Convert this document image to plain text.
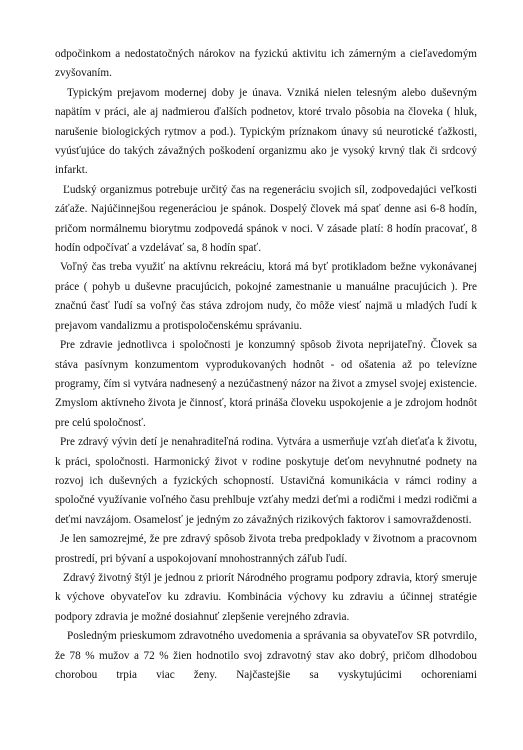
odpočinkom a nedostatočných nárokov na fyzickú aktivitu ich zámerným a cieľavedomým zvyšovaním.

Typickým prejavom modernej doby je únava. Vzniká nielen telesným alebo duševným napätím v práci, ale aj nadmierou ďalších podnetov, ktoré trvalo pôsobia na človeka ( hluk, narušenie biologických rytmov a pod.). Typickým príznakom únavy sú neurotické ťažkosti, vyúsťujúce do takých závažných poškodení organizmu ako je vysoký krvný tlak či srdcový infarkt.

Ľudský organizmus potrebuje určitý čas na regeneráciu svojich síl, zodpovedajúci veľkosti záťaže. Najúčinnejšou regeneráciou je spánok. Dospelý človek má spať denne asi 6-8 hodín, pričom normálnemu biorytmu zodpovedá spánok v noci. V zásade platí: 8 hodín pracovať, 8 hodín odpočívať a vzdelávať sa, 8 hodín spať.

Voľný čas treba využiť na aktívnu rekreáciu, ktorá má byť protikladom bežne vykonávanej práce ( pohyb u duševne pracujúcich, pokojné zamestnanie u manuálne pracujúcich ). Pre značnú časť ľudí sa voľný čas stáva zdrojom nudy, čo môže viesť najmä u mladých ľudí k prejavom vandalizmu a protispoločenskému správaniu.

Pre zdravie jednotlivca i spoločnosti je konzumný spôsob života neprijateľný. Človek sa stáva pasívnym konzumentom vyprodukovaných hodnôt - od ošatenia až po televízne programy, čím si vytvára nadnesený a nezúčastnený názor na život a zmysel svojej existencie. Zmyslom aktívneho života je činnosť, ktorá prináša človeku uspokojenie a je zdrojom hodnôt pre celú spoločnosť.

Pre zdravý vývin detí je nenahraditeľná rodina. Vytvára a usmerňuje vzťah dieťaťa k životu, k práci, spoločnosti. Harmonický život v rodine poskytuje deťom nevyhnutné podnety na rozvoj ich duševných a fyzických schopností. Ustavičná komunikácia v rámci rodiny a spoločné využívanie voľného času prehlbuje vzťahy medzi deťmi a rodičmi i medzi rodičmi a deťmi navzájom. Osamelosť je jedným zo závažných rizikových faktorov i samovraždenosti.

Je len samozrejmé, že pre zdravý spôsob života treba predpoklady v životnom a pracovnom prostredí, pri bývaní a uspokojovaní mnohostranných záľub ľudí.

Zdravý životný štýl je jednou z priorít Národného programu podpory zdravia, ktorý smeruje k výchove obyvateľov ku zdraviu. Kombinácia výchovy ku zdraviu a účinnej stratégie podpory zdravia je možné dosiahnuť zlepšenie verejného zdravia.

Posledným prieskumom zdravotného uvedomenia a správania sa obyvateľov SR potvrdilo, že 78 % mužov a 72 % žien hodnotilo svoj zdravotný stav ako dobrý, pričom dlhodobou chorobou trpia viac ženy. Najčastejšie sa vyskytujúcimi ochoreniami
